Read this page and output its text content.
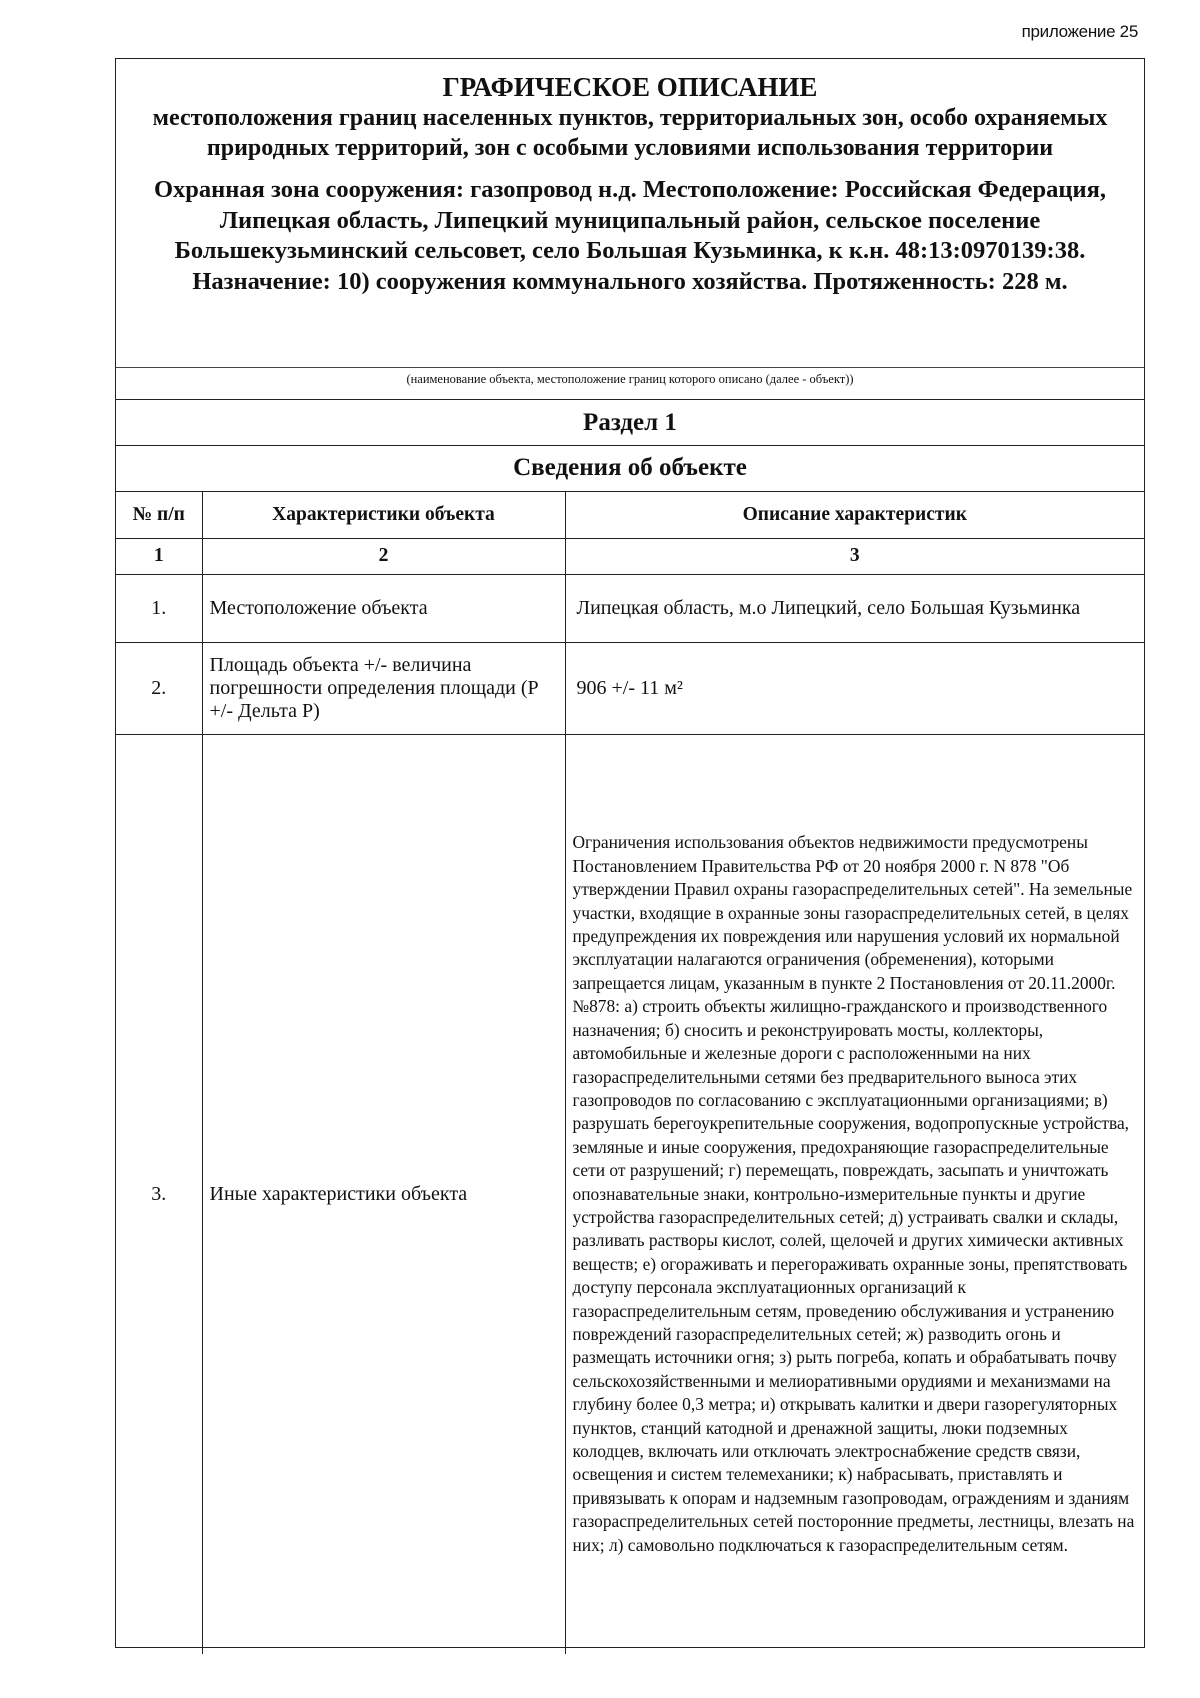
приложение 25

ГРАФИЧЕСКОЕ ОПИСАНИЕ

местоположения границ населенных пунктов, территориальных зон, особо охраняемых природных территорий, зон с особыми условиями использования территории

Охранная зона сооружения: газопровод н.д. Местоположение: Российская Федерация, Липецкая область, Липецкий муниципальный район, сельское поселение Большекузьминский сельсовет, село Большая Кузьминка, к к.н. 48:13:0970139:38. Назначение: 10) сооружения коммунального хозяйства. Протяженность: 228 м.

(наименование объекта, местоположение границ которого описано (далее - объект))
Раздел 1
Сведения об объекте
№ п/п	Характеристики объекта	Описание характеристик
1	2	3
1.	Местоположение объекта	Липецкая область, м.о Липецкий, село Большая Кузьминка
2.	Площадь объекта +/- величина погрешности определения площади (P +/- Дельта P)	906 +/- 11 м²
3.	Иные характеристики объекта	Ограничения использования объектов недвижимости предусмотрены Постановлением Правительства РФ от 20 ноября 2000 г. N 878 "Об утверждении Правил охраны газораспределительных сетей". На земельные участки, входящие в охранные зоны газораспределительных сетей, в целях предупреждения их повреждения или нарушения условий их нормальной эксплуатации налагаются ограничения (обременения), которыми запрещается лицам, указанным в пункте 2 Постановления от 20.11.2000г. №878: а) строить объекты жилищно-гражданского и производственного назначения; б) сносить и реконструировать мосты, коллекторы, автомобильные и железные дороги с расположенными на них газораспределительными сетями без предварительного выноса этих газопроводов по согласованию с эксплуатационными организациями; в) разрушать берегоукрепительные сооружения, водопропускные устройства, земляные и иные сооружения, предохраняющие газораспределительные сети от разрушений; г) перемещать, повреждать, засыпать и уничтожать опознавательные знаки, контрольно-измерительные пункты и другие устройства газораспределительных сетей; д) устраивать свалки и склады, разливать растворы кислот, солей, щелочей и других химически активных веществ; е) огораживать и перегораживать охранные зоны, препятствовать доступу персонала эксплуатационных организаций к газораспределительным сетям, проведению обслуживания и устранению повреждений газораспределительных сетей; ж) разводить огонь и размещать источники огня; з) рыть погреба, копать и обрабатывать почву сельскохозяйственными и мелиоративными орудиями и механизмами на глубину более 0,3 метра; и) открывать калитки и двери газорегуляторных пунктов, станций катодной и дренажной защиты, люки подземных колодцев, включать или отключать электроснабжение средств связи, освещения и систем телемеханики; к) набрасывать, приставлять и привязывать к опорам и надземным газопроводам, ограждениям и зданиям газораспределительных сетей посторонние предметы, лестницы, влезать на них; л) самовольно подключаться к газораспределительным сетям.
